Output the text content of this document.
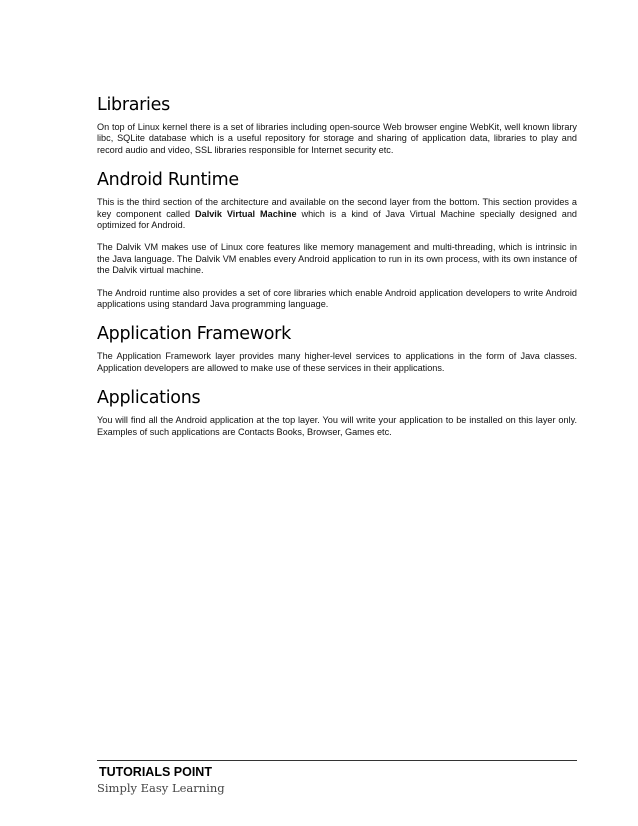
Libraries

On top of Linux kernel there is a set of libraries including open-source Web browser engine WebKit, well known library libc, SQLite database which is a useful repository for storage and sharing of application data, libraries to play and record audio and video, SSL libraries responsible for Internet security etc.

Android Runtime

This is the third section of the architecture and available on the second layer from the bottom. This section provides a key component called Dalvik Virtual Machine which is a kind of Java Virtual Machine specially designed and optimized for Android.

The Dalvik VM makes use of Linux core features like memory management and multi-threading, which is intrinsic in the Java language. The Dalvik VM enables every Android application to run in its own process, with its own instance of the Dalvik virtual machine.

The Android runtime also provides a set of core libraries which enable Android application developers to write Android applications using standard Java programming language.

Application Framework

The Application Framework layer provides many higher-level services to applications in the form of Java classes. Application developers are allowed to make use of these services in their applications.

Applications

You will find all the Android application at the top layer. You will write your application to be installed on this layer only. Examples of such applications are Contacts Books, Browser, Games etc.

TUTORIALS POINT
Simply Easy Learning
